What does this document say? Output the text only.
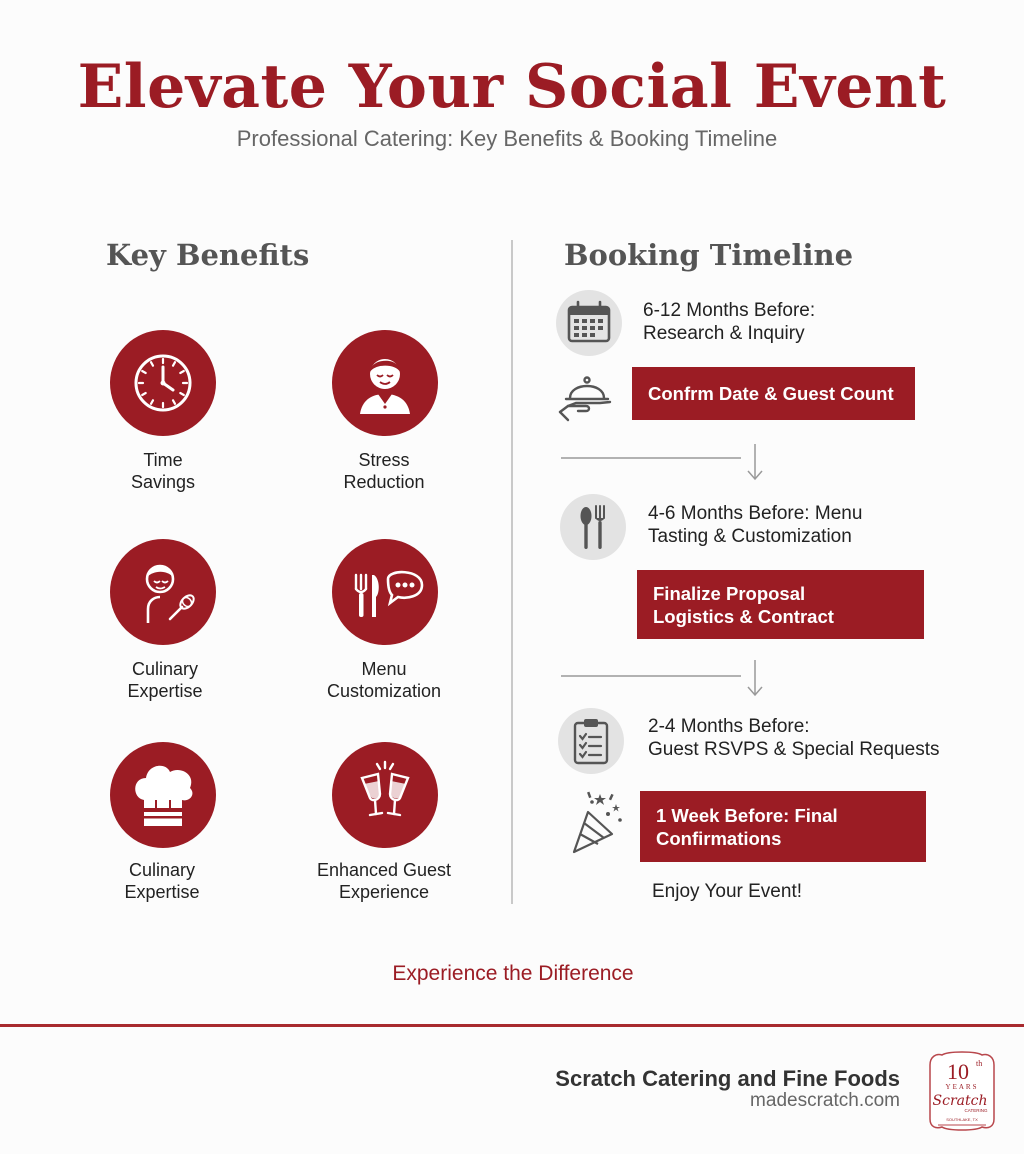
Elevate Your Social Event
Professional Catering: Key Benefits & Booking Timeline
Key Benefits	Booking Timeline
Time
Savings
Stress
Reduction
Culinary
Expertise
Menu
Customization
Culinary
Expertise
Enhanced Guest
Experience
6-12 Months Before:
Research & Inquiry
Confrm Date & Guest Count
4-6 Months Before: Menu
Tasting & Customization
Finalize Proposal
Logistics & Contract
2-4 Months Before:
Guest RSVPS & Special Requests
1 Week Before: Final
Confirmations
Enjoy Your Event!
Experience the Difference
Scratch Catering and Fine Foods
madescratch.com
10 th
YEARS
Scratch
CATERING
SOUTHLAKE, TX
